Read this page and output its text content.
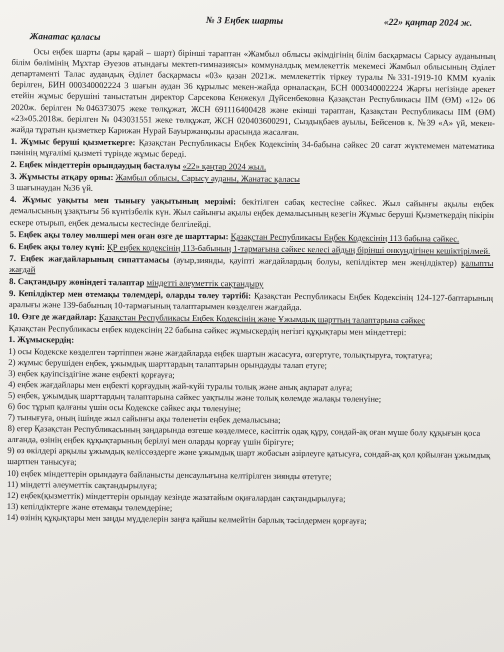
№ 3 Еңбек шарты	«22» қаңтар 2024 ж.
Жанатас қаласы

Осы еңбек шарты (ары қарай – шарт) бірінші тараптан «Жамбыл облысы әкімдігінің білім басқармасы Сарысу ауданының білім бөлімінің Мұхтар Әуезов атындағы мектеп-гимназиясы» коммуналдық мемлекеттік мекемесі Жамбыл облысының Әділет департаменті Талас аудандық Әділет басқармасы «03» қазан 2021ж. мемлекеттік тіркеу туралы №331-1919-10 КММ куәлік берілген, БИН 000340002224 3 шағын аудан 36 құрылыс мекен-жайда орналасқан, БСН 000340002224 Жарғы негізінде әрекет етейін жұмыс берушіні таныстатын директор Сарсекова Кенжекул Дүйсенбековна Қазақстан Республикасы ІІМ (ӨМ) «12» 06 2020ж. берілген №046373075 жеке төлқұжат, ЖСН 691116400428 және екінші тараптан, Қазақстан Республикасы ІІМ (ӨМ) «23»05.2018ж. берілген № 043031551 жеке төлқұжат, ЖСН 020403600291, Сыздықбаев ауылы, Бейсенов к. №39 «А» үй, мекен-жайда тұратын қызметкер Карижан Нурай Бауыржанқызы арасында жасалған.

1. Жұмыс беруші қызметкерге: Қазақстан Республикасы Еңбек Кодексінің 34-бабына сәйкес 20 сағат жүктемемен математика пәнінің мұғалімі қызметі түрінде жұмыс береді.

2. Еңбек міндеттерін орындаудың басталуы «22» қаңтар 2024 жыл.

3. Жұмысты атқару орны: Жамбыл облысы, Сарысу ауданы, Жанатас қаласы

3 шағынаудан №36 үй.

4. Жұмыс уақыты мен тынығу уақытының мерзімі: бекітілген сабақ кестесіне сәйкес. Жыл сайынғы ақылы еңбек демалысының ұзақтығы 56 күнтізбелік күн. Жыл сайынғы ақылы еңбек демалысының кезегін Жұмыс беруші Қызметкердің пікірін ескере отырып, еңбек демалысы кестесінде белгілейді.

5. Еңбек ақы төлеу мөлшері мен оған өзге де шарттары: Қазақстан Республикасы Еңбек Кодексінің 113 бабына сәйкес.

6. Еңбек ақы төлеу күні: ҚР еңбек кодексінің 113-бабының 1-тармағына сәйкес келесі айдың бірінші онкүндігінен кешіктірілмей.

7. Еңбек жағдайларының сипаттамасы (ауыр,зиянды, қауіпті жағдайлардың болуы, кепілдіктер мен жеңілдіктер) қалыпты жағдай

8. Сақтандыру жөніндегі талаптар міндетті әлеуметтік сақтандыру

9. Кепілдіктер мен өтемақы төлемдері, оларды төлеу тәртібі: Қазақстан Республикасы Еңбек Кодексінің 124-127-баптарының аралығы және 139-бабының 10-тармағының талаптарымен көзделген жағдайда.

10. Өзге де жағдайлар: Қазақстан Республикасы Еңбек Кодексінің және Ұжымдық шарттың талаптарына сәйкес

Қазақстан Республикасы еңбек кодексінің 22 бабына сәйкес жұмыскердің негізгі құқықтары мен міндеттері:

1. Жұмыскердің:

1) осы Кодекске көзделген тәртіппен және жағдайларда еңбек шартын жасасуға, өзгертуге, толықтыруға, тоқтатуға;

2) жұмыс берушіден еңбек, ұжымдық шарттардың талаптарын орындауды талап етуге;

3) еңбек қауіпсіздігіне және еңбекті қорғауға;

4) еңбек жағдайлары мен еңбекті қорғаудың жай-күйі туралы толық және анық ақпарат алуға;

5) еңбек, ұжымдық шарттардың талаптарына сәйкес уақтылы және толық көлемде жалақы төленуіне;

6) бос тұрып қалғаны үшін осы Кодекске сәйкес ақы төленуіне;

7) тынығуға, оның ішінде жыл сайынғы ақы төленетін еңбек демалысына;

8) егер Қазақстан Республикасының заңдарында өзгеше көзделмесе, кәсіптік одақ құру, сондай-ақ оған мүше болу құқығын қоса алғанда, өзінің еңбек құқықтарының берілуі мен оларды қорғау үшін бірігуге;

9) өз өкілдері арқылы ұжымдық келіссөздерге және ұжымдық шарт жобасын әзірлеуге қатысуға, сондай-ақ қол қойылған ұжымдық шартпен танысуға;

10) еңбек міндеттерін орындауға байланысты денсаулығына келтірілген зиянды өтетуге;

11) міндетті әлеуметтік сақтандырылуға;

12) еңбек(қызметтік) міндеттерін орындау кезінде жазатайым оқиғалардан сақтандырылуға;

13) кепілдіктерге және өтемақы төлемдеріне;

14) өзінің құқықтары мен заңды мүдделерін заңға қайшы келмейтін барлық тәсілдермен қорғауға;
